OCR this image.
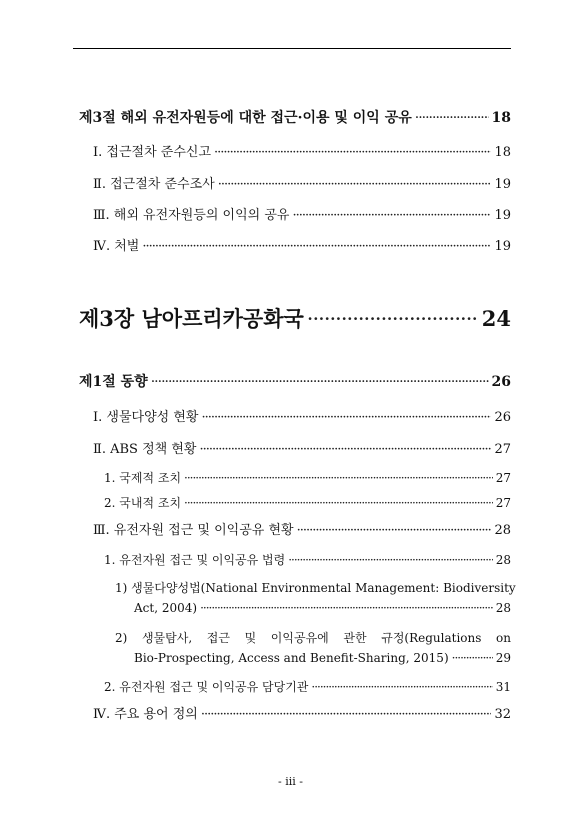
제3절 해외 유전자원등에 대한 접근·이용 및 이익 공유 ·····	18
Ⅰ. 접근절차 준수신고 ·····	18
Ⅱ. 접근절차 준수조사 ·····	19
Ⅲ. 해외 유전자원등의 이익의 공유 ·····	19
Ⅳ. 처벌 ·····	19
제3장 남아프리카공화국 ·····	24
제1절 동향 ·····	26
Ⅰ. 생물다양성 현황 ·····	26
Ⅱ. ABS 정책 현황 ·····	27
1. 국제적 조치 ·····	27
2. 국내적 조치 ·····	27
Ⅲ. 유전자원 접근 및 이익공유 현황 ·····	28
1. 유전자원 접근 및 이익공유 법령 ·····	28
1) 생물다양성법(National Environmental Management: Biodiversity
Act, 2004) ·····	28
2) 생물탐사, 접근 및 이익공유에 관한 규정(Regulations on
Bio-Prospecting, Access and Benefit-Sharing, 2015) ·····	29
2. 유전자원 접근 및 이익공유 담당기관 ·····	31
Ⅳ. 주요 용어 정의 ·····	32
- iii -
